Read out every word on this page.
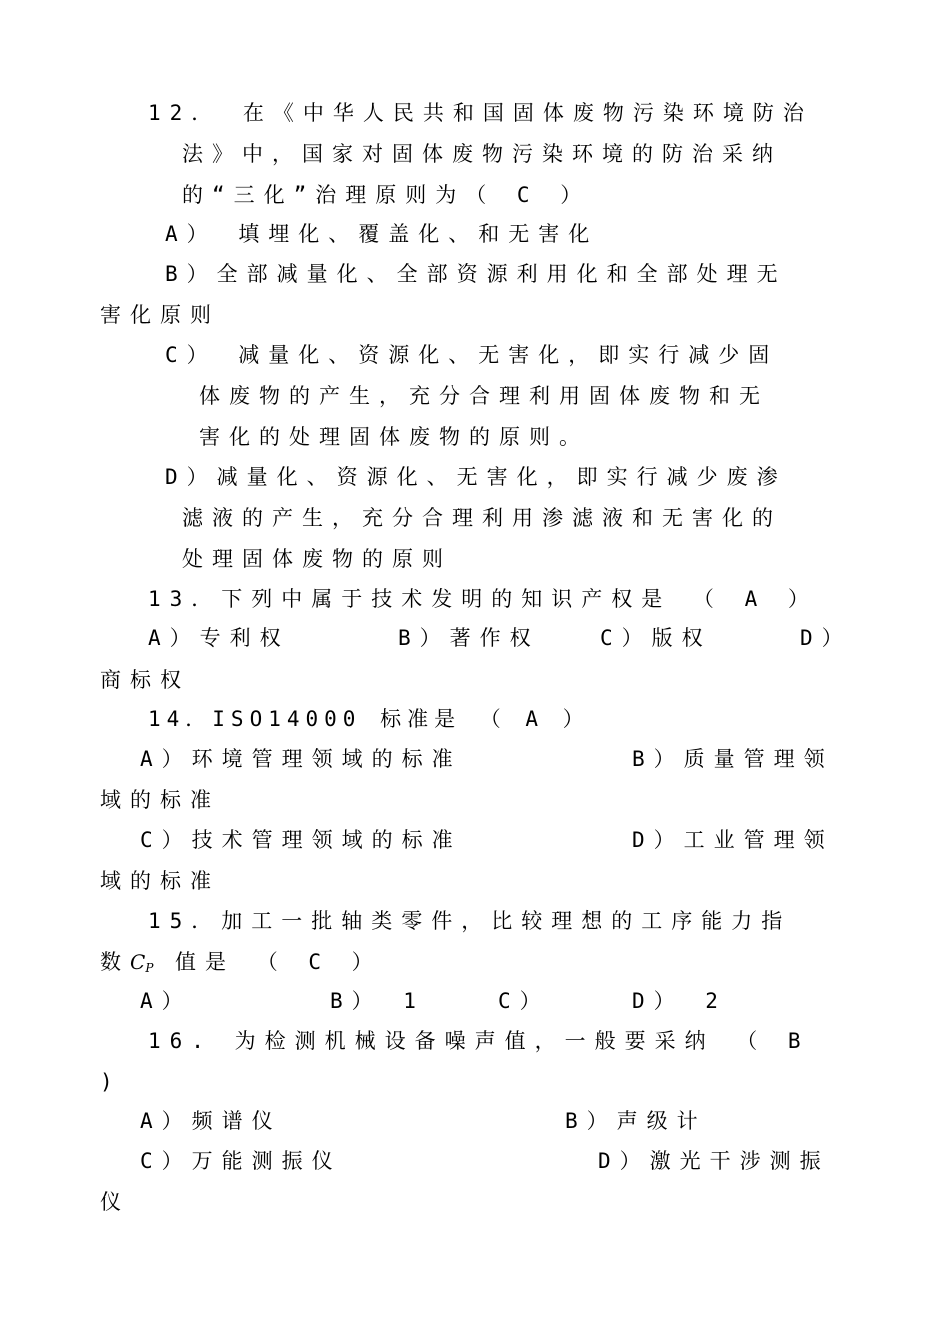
12． 在《中华人民共和国固体废物污染环境防治
法》中，国家对固体废物污染环境的防治采纳
的“三化”治理原则为（ C ）
A） 填埋化、覆盖化、和无害化
B）全部减量化、全部资源利用化和全部处理无
害化原则
C） 减量化、资源化、无害化，即实行减少固
体废物的产生，充分合理利用固体废物和无
害化的处理固体废物的原则。
D）减量化、资源化、无害化，即实行减少废渗
滤液的产生，充分合理利用渗滤液和无害化的
处理固体废物的原则
13．下列中属于技术发明的知识产权是 （ A ）
A）专利权	B）著作权	C）版权	D）
商标权
14．ISO14000 标准是 （ A ）
A）环境管理领域的标准	B）质量管理领
域的标准
C）技术管理领域的标准	D）工业管理领
域的标准
15．加工一批轴类零件，比较理想的工序能力指
数$C_P$ 值是 （ C ）
A）	B） 1	C）	D） 2
16. 为检测机械设备噪声值，一般要采纳 （ B
)
A）频谱仪	B）声级计
C）万能测振仪	D）激光干涉测振
仪
